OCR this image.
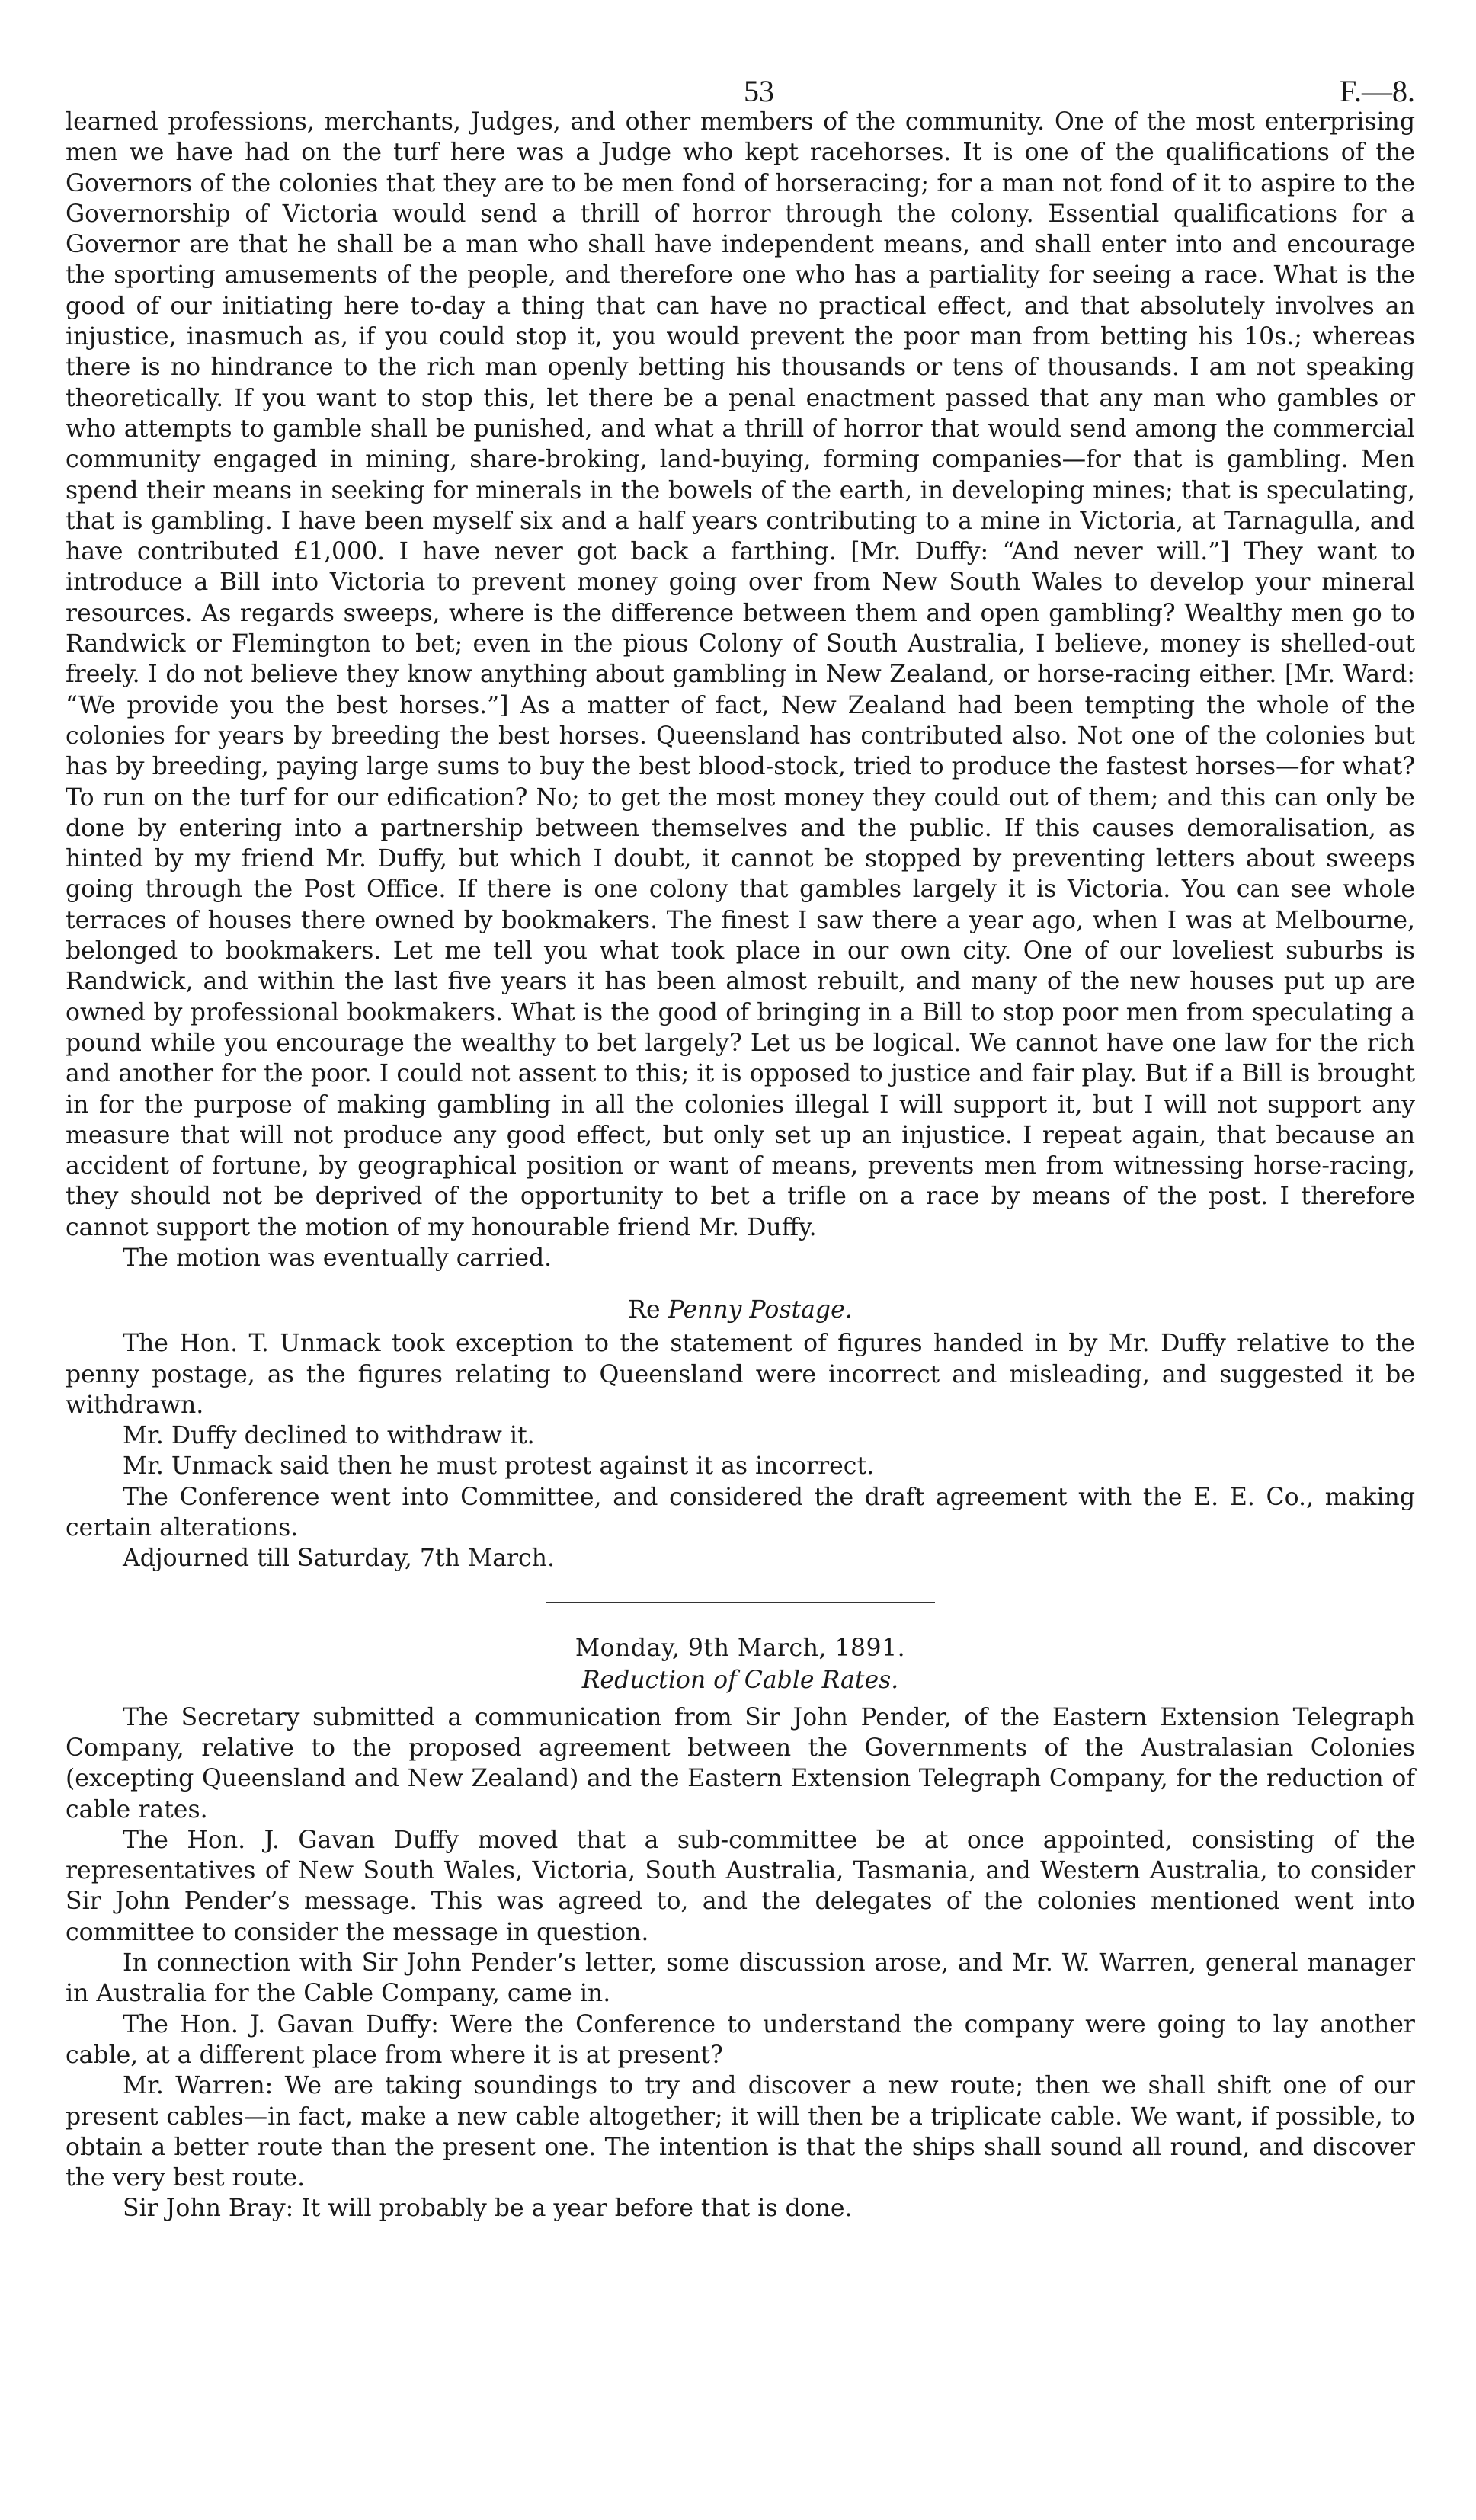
53	F.—8.

learned professions, merchants, Judges, and other members of the community. One of the most enterprising men we have had on the turf here was a Judge who kept racehorses. It is one of the qualifications of the Governors of the colonies that they are to be men fond of horseracing; for a man not fond of it to aspire to the Governorship of Victoria would send a thrill of horror through the colony. Essential qualifications for a Governor are that he shall be a man who shall have independent means, and shall enter into and encourage the sporting amusements of the people, and therefore one who has a partiality for seeing a race. What is the good of our initiating here to-day a thing that can have no practical effect, and that absolutely involves an injustice, inasmuch as, if you could stop it, you would prevent the poor man from betting his 10s.; whereas there is no hindrance to the rich man openly betting his thousands or tens of thousands. I am not speaking theoretically. If you want to stop this, let there be a penal enactment passed that any man who gambles or who attempts to gamble shall be punished, and what a thrill of horror that would send among the commercial community engaged in mining, share-broking, land-buying, forming companies—for that is gambling. Men spend their means in seeking for minerals in the bowels of the earth, in developing mines; that is speculating, that is gambling. I have been myself six and a half years contributing to a mine in Victoria, at Tarnagulla, and have contributed £1,000. I have never got back a farthing. [Mr. Duffy: “And never will.”] They want to introduce a Bill into Victoria to prevent money going over from New South Wales to develop your mineral resources. As regards sweeps, where is the difference between them and open gambling? Wealthy men go to Randwick or Flemington to bet; even in the pious Colony of South Australia, I believe, money is shelled-out freely. I do not believe they know anything about gambling in New Zealand, or horse-racing either. [Mr. Ward: “We provide you the best horses.”] As a matter of fact, New Zealand had been tempting the whole of the colonies for years by breeding the best horses. Queensland has contributed also. Not one of the colonies but has by breeding, paying large sums to buy the best blood-stock, tried to produce the fastest horses—for what? To run on the turf for our edification? No; to get the most money they could out of them; and this can only be done by entering into a partnership between themselves and the public. If this causes demoralisation, as hinted by my friend Mr. Duffy, but which I doubt, it cannot be stopped by preventing letters about sweeps going through the Post Office. If there is one colony that gambles largely it is Victoria. You can see whole terraces of houses there owned by bookmakers. The finest I saw there a year ago, when I was at Melbourne, belonged to bookmakers. Let me tell you what took place in our own city. One of our loveliest suburbs is Randwick, and within the last five years it has been almost rebuilt, and many of the new houses put up are owned by professional bookmakers. What is the good of bringing in a Bill to stop poor men from speculating a pound while you encourage the wealthy to bet largely? Let us be logical. We cannot have one law for the rich and another for the poor. I could not assent to this; it is opposed to justice and fair play. But if a Bill is brought in for the purpose of making gambling in all the colonies illegal I will support it, but I will not support any measure that will not produce any good effect, but only set up an injustice. I repeat again, that because an accident of fortune, by geographical position or want of means, prevents men from witnessing horse-racing, they should not be deprived of the opportunity to bet a trifle on a race by means of the post. I therefore cannot support the motion of my honourable friend Mr. Duffy.

The motion was eventually carried.

Re Penny Postage.

The Hon. T. Unmack took exception to the statement of figures handed in by Mr. Duffy relative to the penny postage, as the figures relating to Queensland were incorrect and misleading, and suggested it be withdrawn.

Mr. Duffy declined to withdraw it.

Mr. Unmack said then he must protest against it as incorrect.

The Conference went into Committee, and considered the draft agreement with the E. E. Co., making certain alterations.

Adjourned till Saturday, 7th March.

Monday, 9th March, 1891.
Reduction of Cable Rates.

The Secretary submitted a communication from Sir John Pender, of the Eastern Extension Telegraph Company, relative to the proposed agreement between the Governments of the Australasian Colonies (excepting Queensland and New Zealand) and the Eastern Extension Telegraph Company, for the reduction of cable rates.

The Hon. J. Gavan Duffy moved that a sub-committee be at once appointed, consisting of the representatives of New South Wales, Victoria, South Australia, Tasmania, and Western Australia, to consider Sir John Pender’s message. This was agreed to, and the delegates of the colonies mentioned went into committee to consider the message in question.

In connection with Sir John Pender’s letter, some discussion arose, and Mr. W. Warren, general manager in Australia for the Cable Company, came in.

The Hon. J. Gavan Duffy: Were the Conference to understand the company were going to lay another cable, at a different place from where it is at present?

Mr. Warren: We are taking soundings to try and discover a new route; then we shall shift one of our present cables—in fact, make a new cable altogether; it will then be a triplicate cable. We want, if possible, to obtain a better route than the present one. The intention is that the ships shall sound all round, and discover the very best route.

Sir John Bray: It will probably be a year before that is done.
